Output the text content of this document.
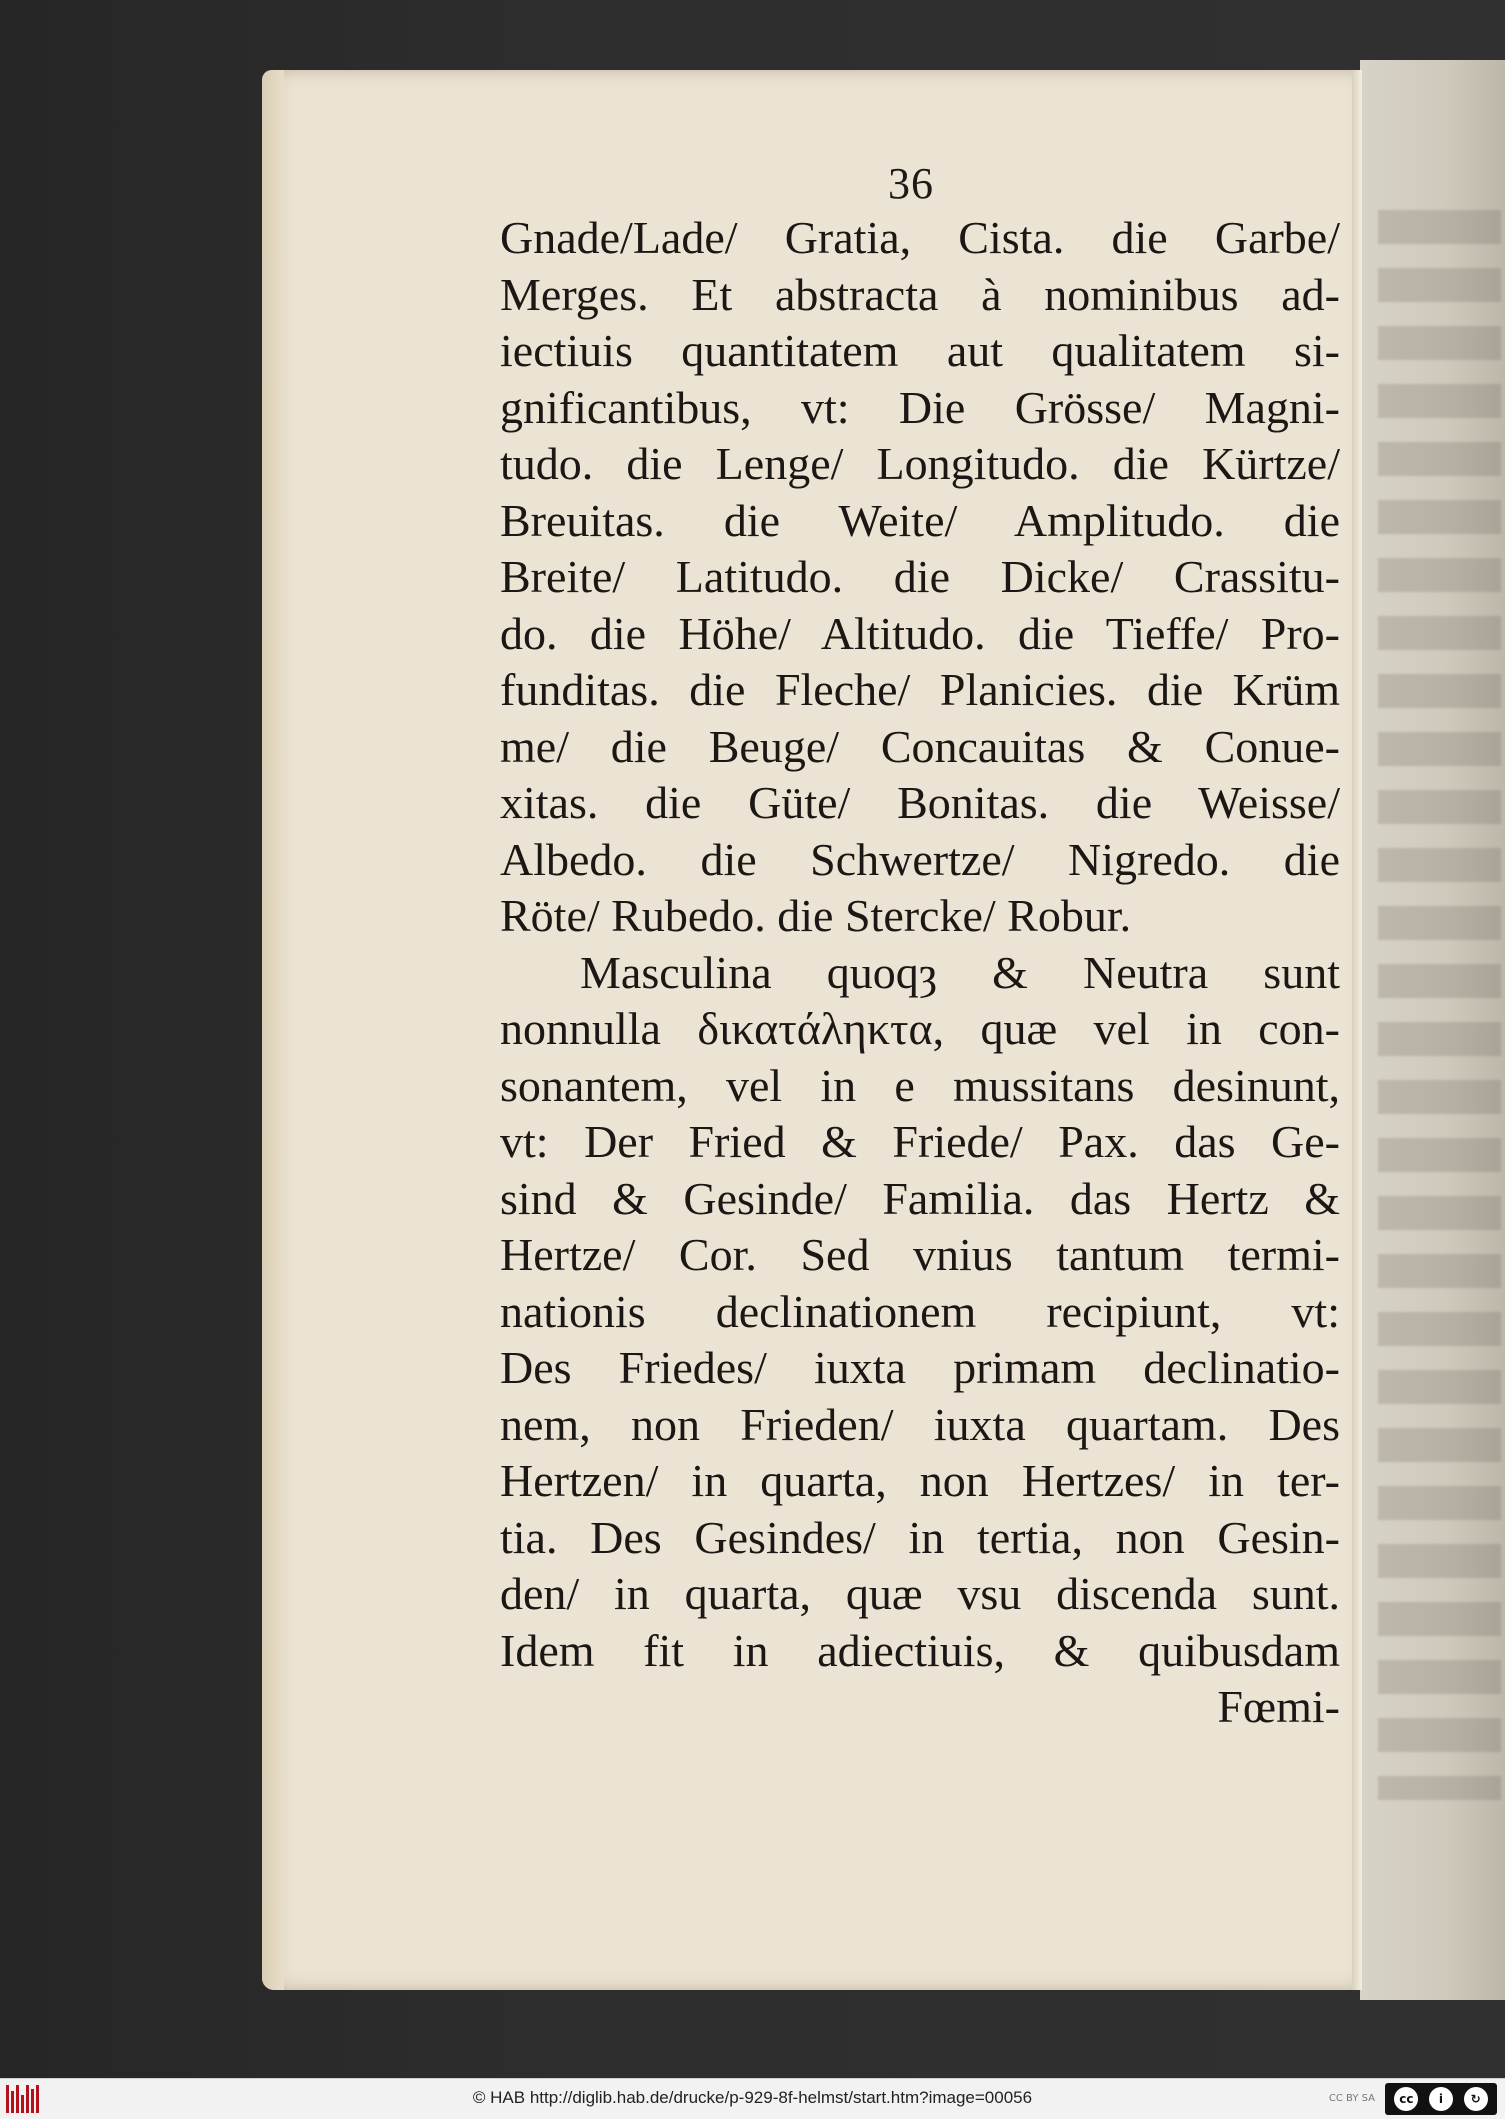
36
Gnade/Lade/ Gratia, Cista. die Garbe/
Merges. Et abstracta à nominibus ad-
iectiuis quantitatem aut qualitatem si-
gnificantibus, vt: Die Grösse/ Magni-
tudo. die Lenge/ Longitudo. die Kürtze/
Breuitas. die Weite/ Amplitudo. die
Breite/ Latitudo. die Dicke/ Crassitu-
do. die Höhe/ Altitudo. die Tieffe/ Pro-
funditas. die Fleche/ Planicies. die Krüm
me/ die Beuge/ Concauitas & Conue-
xitas. die Güte/ Bonitas. die Weisse/
Albedo. die Schwertze/ Nigredo. die
Röte/ Rubedo. die Stercke/ Robur.
Masculina quoqȝ & Neutra sunt
nonnulla δικατάληκτα, quæ vel in con-
sonantem, vel in e mussitans desinunt,
vt: Der Fried & Friede/ Pax. das Ge-
sind & Gesinde/ Familia. das Hertz &
Hertze/ Cor. Sed vnius tantum termi-
nationis declinationem recipiunt, vt:
Des Friedes/ iuxta primam declinatio-
nem, non Frieden/ iuxta quartam. Des
Hertzen/ in quarta, non Hertzes/ in ter-
tia. Des Gesindes/ in tertia, non Gesin-
den/ in quarta, quæ vsu discenda sunt.
Idem fit in adiectiuis, & quibusdam
Fœmi-
© HAB http://diglib.hab.de/drucke/p-929-8f-helmst/start.htm?image=00056	cc	i	↻
CC BY SA
